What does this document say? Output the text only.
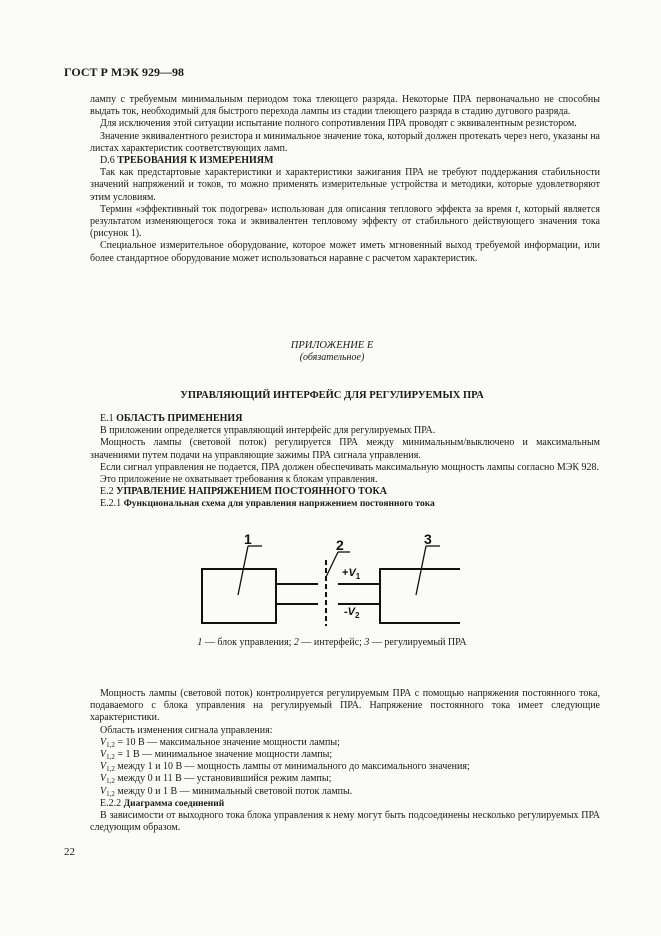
ГОСТ Р МЭК 929—98

лампу с требуемым минимальным периодом тока тлеющего разряда. Некоторые ПРА первоначально не способны выдать ток, необходимый для быстрого перехода лампы из стадии тлеющего разряда в стадию дугового разряда.

Для исключения этой ситуации испытание полного сопротивления ПРА проводят с эквивалентным резистором.

Значение эквивалентного резистора и минимальное значение тока, который должен протекать через него, указаны на листах характеристик соответствующих ламп.

D.6 ТРЕБОВАНИЯ К ИЗМЕРЕНИЯМ

Так как предстартовые характеристики и характеристики зажигания ПРА не требуют поддержания стабильности значений напряжений и токов, то можно применять измерительные устройства и методики, которые удовлетворяют этим условиям.

Термин «эффективный ток подогрева» использован для описания теплового эффекта за время t, который является результатом изменяющегося тока и эквивалентен тепловому эффекту от стабильного действующего значения тока (рисунок 1).

Специальное измерительное оборудование, которое может иметь мгновенный выход требуемой информации, или более стандартное оборудование может использоваться наравне с расчетом характеристик.

ПРИЛОЖЕНИЕ Е
(обязательное)
УПРАВЛЯЮЩИЙ ИНТЕРФЕЙС ДЛЯ РЕГУЛИРУЕМЫХ ПРА

Е.1 ОБЛАСТЬ ПРИМЕНЕНИЯ

В приложении определяется управляющий интерфейс для регулируемых ПРА.

Мощность лампы (световой поток) регулируется ПРА между минимальным/выключено и максимальным значениями путем подачи на управляющие зажимы ПРА сигнала управления.

Если сигнал управления не подается, ПРА должен обеспечивать максимальную мощность лампы согласно МЭК 928.

Это приложение не охватывает требования к блокам управления.

Е.2 УПРАВЛЕНИЕ НАПРЯЖЕНИЕМ ПОСТОЯННОГО ТОКА

Е.2.1 Функциональная схема для управления напряжением постоянного тока

1	2	3
$+V_1$
$-V_2$
1 — блок управления; 2 — интерфейс; 3 — регулируемый ПРА

Мощность лампы (световой поток) контролируется регулируемым ПРА с помощью напряжения постоянного тока, подаваемого с блока управления на регулируемый ПРА. Напряжение постоянного тока имеет следующие характеристики.

Область изменения сигнала управления:

$V_{1,2} = 10$ В — максимальное значение мощности лампы;

$V_{1,2} = 1$ В — минимальное значение мощности лампы;

$V_{1,2}$ между 1 и 10 В — мощность лампы от минимального до максимального значения;

$V_{1,2}$ между 0 и 11 В — установившийся режим лампы;

$V_{1,2}$ между 0 и 1 В — минимальный световой поток лампы.

Е.2.2 Диаграмма соединений

В зависимости от выходного тока блока управления к нему могут быть подсоединены несколько регулируемых ПРА следующим образом.

22
